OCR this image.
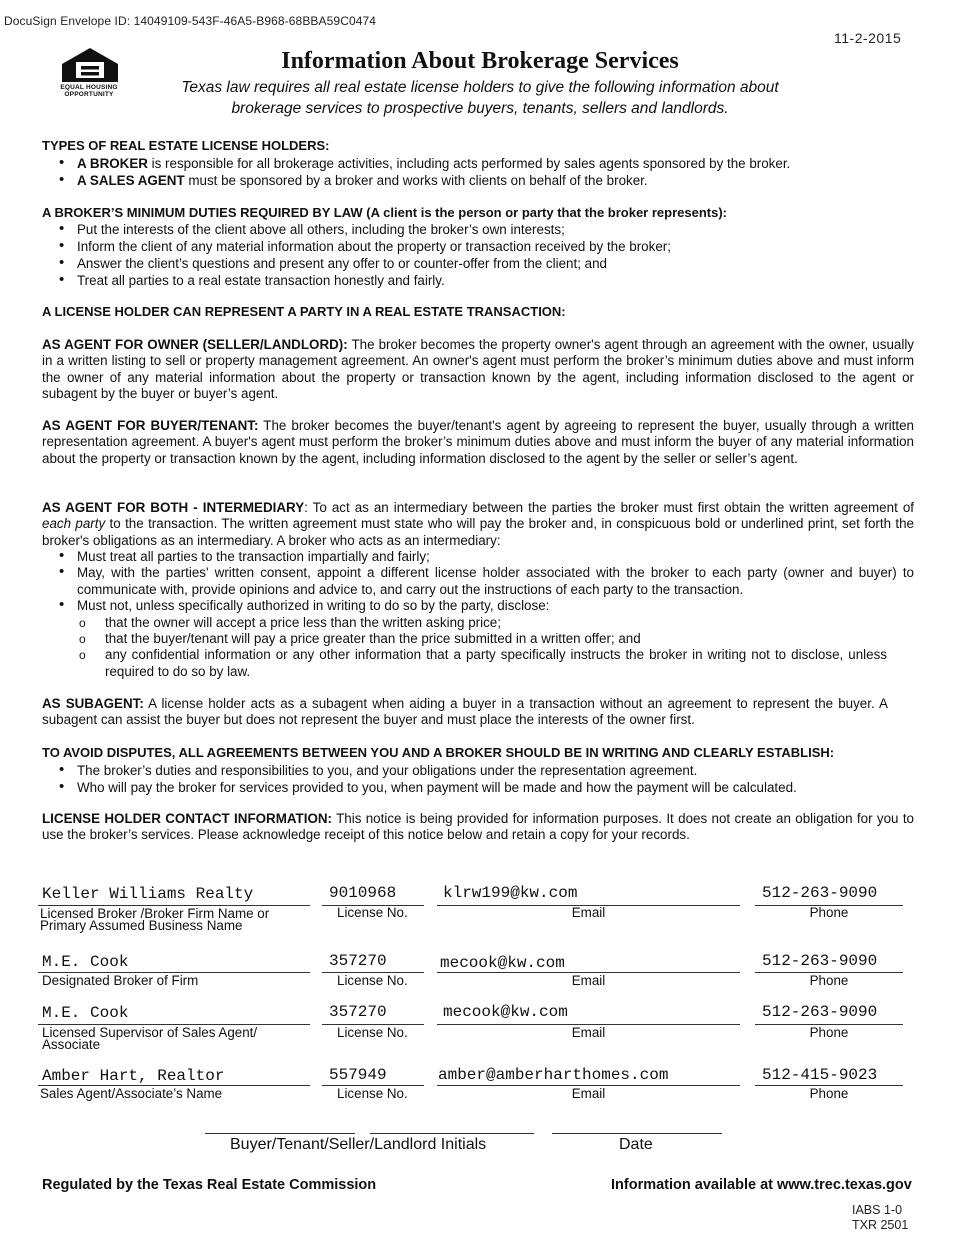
DocuSign Envelope ID: 14049109-543F-46A5-B968-68BBA59C0474
11-2-2015
EQUAL HOUSING OPPORTUNITY
Information About Brokerage Services
Texas law requires all real estate license holders to give the following information about
brokerage services to prospective buyers, tenants, sellers and landlords.
TYPES OF REAL ESTATE LICENSE HOLDERS:
• A BROKER is responsible for all brokerage activities, including acts performed by sales agents sponsored by the broker.
• A SALES AGENT must be sponsored by a broker and works with clients on behalf of the broker.
A BROKER’S MINIMUM DUTIES REQUIRED BY LAW (A client is the person or party that the broker represents):
• Put the interests of the client above all others, including the broker’s own interests;
• Inform the client of any material information about the property or transaction received by the broker;
• Answer the client’s questions and present any offer to or counter-offer from the client; and
• Treat all parties to a real estate transaction honestly and fairly.
A LICENSE HOLDER CAN REPRESENT A PARTY IN A REAL ESTATE TRANSACTION:
AS AGENT FOR OWNER (SELLER/LANDLORD): The broker becomes the property owner's agent through an agreement with the owner, usually in a written listing to sell or property management agreement. An owner's agent must perform the broker’s minimum duties above and must inform the owner of any material information about the property or transaction known by the agent, including information disclosed to the agent or subagent by the buyer or buyer’s agent.
AS AGENT FOR BUYER/TENANT: The broker becomes the buyer/tenant's agent by agreeing to represent the buyer, usually through a written representation agreement. A buyer's agent must perform the broker’s minimum duties above and must inform the buyer of any material information about the property or transaction known by the agent, including information disclosed to the agent by the seller or seller’s agent.
AS AGENT FOR BOTH - INTERMEDIARY: To act as an intermediary between the parties the broker must first obtain the written agreement of each party to the transaction. The written agreement must state who will pay the broker and, in conspicuous bold or underlined print, set forth the broker's obligations as an intermediary. A broker who acts as an intermediary:
• Must treat all parties to the transaction impartially and fairly;
• May, with the parties' written consent, appoint a different license holder associated with the broker to each party (owner and buyer) to communicate with, provide opinions and advice to, and carry out the instructions of each party to the transaction.
• Must not, unless specifically authorized in writing to do so by the party, disclose:
o that the owner will accept a price less than the written asking price;
o that the buyer/tenant will pay a price greater than the price submitted in a written offer; and
o any confidential information or any other information that a party specifically instructs the broker in writing not to disclose, unless required to do so by law.
AS SUBAGENT: A license holder acts as a subagent when aiding a buyer in a transaction without an agreement to represent the buyer. A subagent can assist the buyer but does not represent the buyer and must place the interests of the owner first.
TO AVOID DISPUTES, ALL AGREEMENTS BETWEEN YOU AND A BROKER SHOULD BE IN WRITING AND CLEARLY ESTABLISH:
• The broker’s duties and responsibilities to you, and your obligations under the representation agreement.
• Who will pay the broker for services provided to you, when payment will be made and how the payment will be calculated.
LICENSE HOLDER CONTACT INFORMATION: This notice is being provided for information purposes. It does not create an obligation for you to use the broker’s services. Please acknowledge receipt of this notice below and retain a copy for your records.
Keller Williams Realty	9010968	klrw199@kw.com	512-263-9090
Licensed Broker /Broker Firm Name or
Primary Assumed Business Name
License No.	Email	Phone
M.E. Cook	357270	mecook@kw.com	512-263-9090
Designated Broker of Firm	License No.	Email	Phone
M.E. Cook	357270	mecook@kw.com	512-263-9090
Licensed Supervisor of Sales Agent/
Associate
License No.	Email	Phone
Amber Hart, Realtor	557949	amber@amberharthomes.com	512-415-9023
Sales Agent/Associate’s Name	License No.	Email	Phone
Buyer/Tenant/Seller/Landlord Initials	Date
Regulated by the Texas Real Estate Commission	Information available at www.trec.texas.gov
IABS 1-0
TXR 2501
